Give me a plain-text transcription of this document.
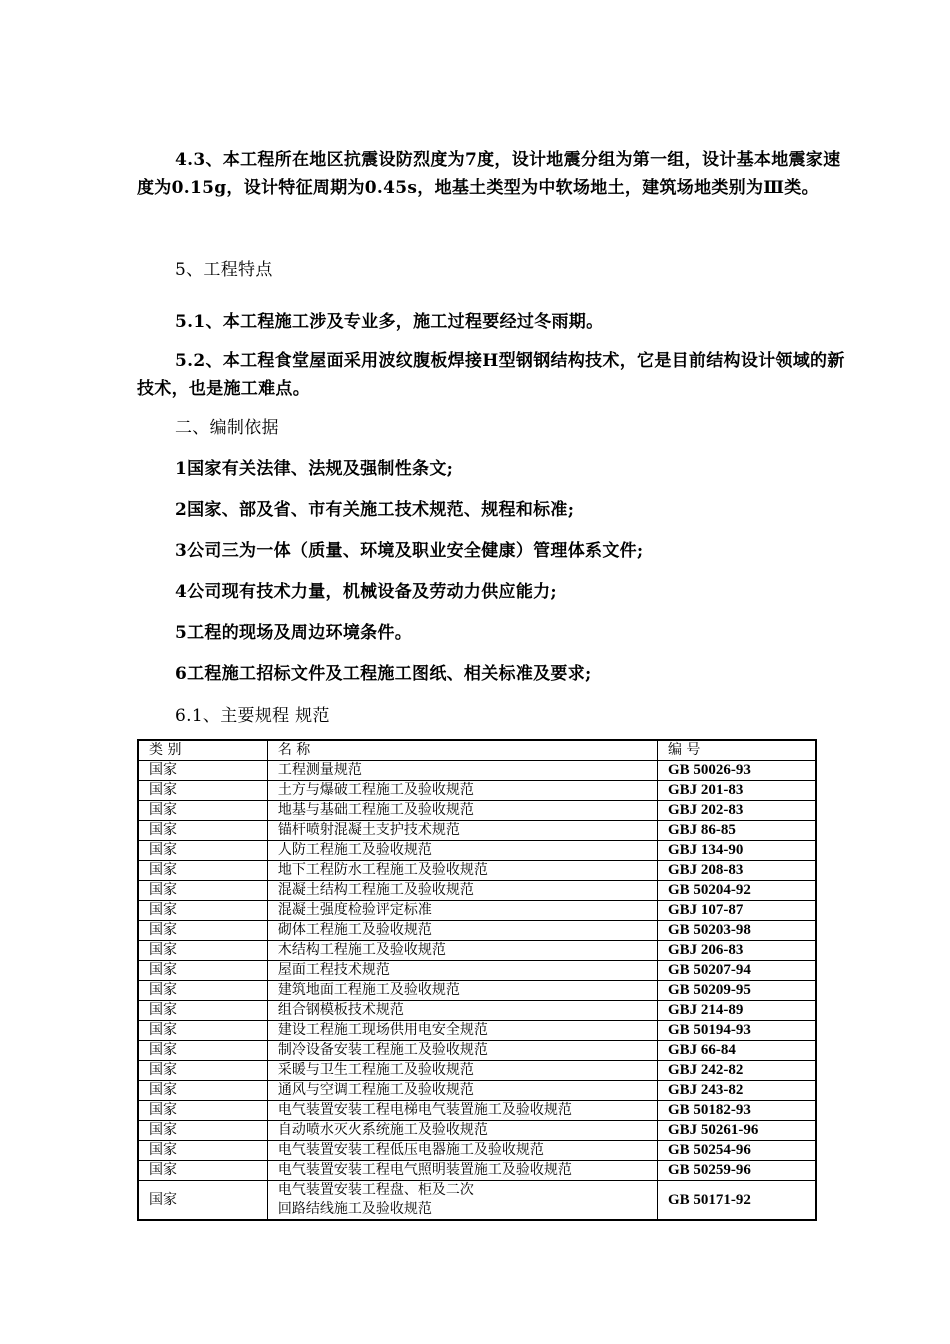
4.3、本工程所在地区抗震设防烈度为7度，设计地震分组为第一组，设计基本地震家速度为0.15g，设计特征周期为0.45s，地基土类型为中软场地土，建筑场地类别为Ⅲ类。
5、工程特点
5.1、本工程施工涉及专业多，施工过程要经过冬雨期。
5.2、本工程食堂屋面采用波纹腹板焊接H型钢钢结构技术，它是目前结构设计领域的新技术，也是施工难点。
二、编制依据
1国家有关法律、法规及强制性条文;
2国家、部及省、市有关施工技术规范、规程和标准;
3公司三为一体（质量、环境及职业安全健康）管理体系文件;
4公司现有技术力量，机械设备及劳动力供应能力;
5工程的现场及周边环境条件。
6工程施工招标文件及工程施工图纸、相关标准及要求;
6.1、主要规程 规范
类 别	名 称	编 号
国家	工程测量规范	GB 50026-93
国家	土方与爆破工程施工及验收规范	GBJ 201-83
国家	地基与基础工程施工及验收规范	GBJ 202-83
国家	锚杆喷射混凝土支护技术规范	GBJ 86-85
国家	人防工程施工及验收规范	GBJ 134-90
国家	地下工程防水工程施工及验收规范	GBJ 208-83
国家	混凝土结构工程施工及验收规范	GB 50204-92
国家	混凝土强度检验评定标准	GBJ 107-87
国家	砌体工程施工及验收规范	GB 50203-98
国家	木结构工程施工及验收规范	GBJ 206-83
国家	屋面工程技术规范	GB 50207-94
国家	建筑地面工程施工及验收规范	GB 50209-95
国家	组合钢模板技术规范	GBJ 214-89
国家	建设工程施工现场供用电安全规范	GB 50194-93
国家	制冷设备安装工程施工及验收规范	GBJ 66-84
国家	采暖与卫生工程施工及验收规范	GBJ 242-82
国家	通风与空调工程施工及验收规范	GBJ 243-82
国家	电气装置安装工程电梯电气装置施工及验收规范	GB 50182-93
国家	自动喷水灭火系统施工及验收规范	GBJ 50261-96
国家	电气装置安装工程低压电器施工及验收规范	GB 50254-96
国家	电气装置安装工程电气照明装置施工及验收规范	GB 50259-96
国家	电气装置安装工程盘、柜及二次
回路结线施工及验收规范	GB 50171-92
